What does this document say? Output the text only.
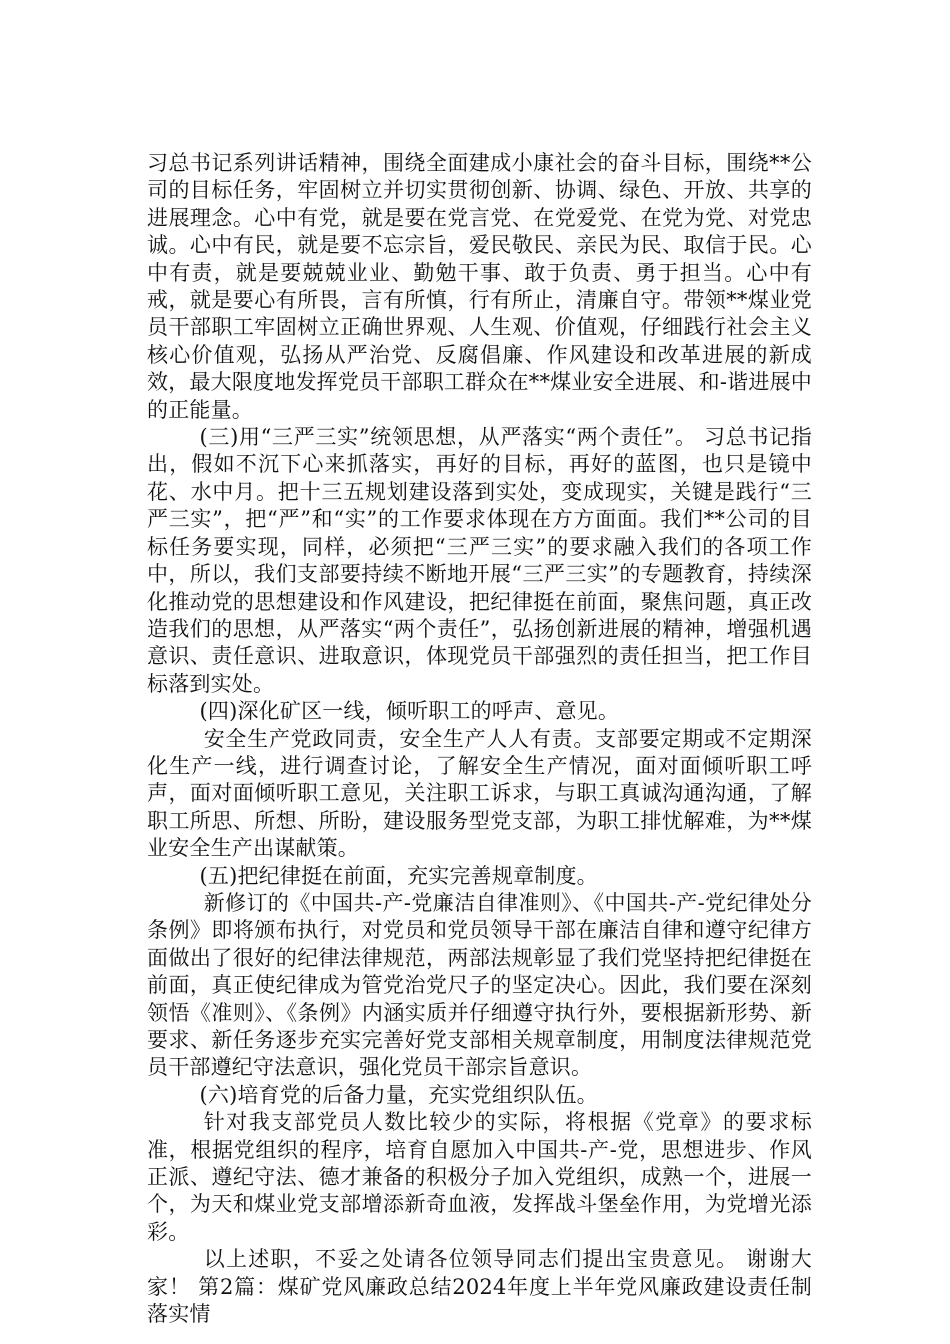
习总书记系列讲话精神，围绕全面建成小康社会的奋斗目标，围绕**公司的目标任务，牢固树立并切实贯彻创新、协调、绿色、开放、共享的进展理念。心中有党，就是要在党言党、在党爱党、在党为党、对党忠诚。心中有民，就是要不忘宗旨，爱民敬民、亲民为民、取信于民。心中有责，就是要兢兢业业、勤勉干事、敢于负责、勇于担当。心中有戒，就是要心有所畏，言有所慎，行有所止，清廉自守。带领**煤业党员干部职工牢固树立正确世界观、人生观、价值观，仔细践行社会主义核心价值观，弘扬从严治党、反腐倡廉、作风建设和改革进展的新成效，最大限度地发挥党员干部职工群众在**煤业安全进展、和-谐进展中的正能量。

(三)用“三严三实”统领思想，从严落实“两个责任”。 习总书记指出，假如不沉下心来抓落实，再好的目标，再好的蓝图，也只是镜中花、水中月。把十三五规划建设落到实处，变成现实，关键是践行“三严三实”，把“严”和“实”的工作要求体现在方方面面。我们**公司的目标任务要实现，同样，必须把“三严三实”的要求融入我们的各项工作中，所以，我们支部要持续不断地开展“三严三实”的专题教育，持续深化推动党的思想建设和作风建设，把纪律挺在前面，聚焦问题，真正改造我们的思想，从严落实“两个责任”，弘扬创新进展的精神，增强机遇意识、责任意识、进取意识，体现党员干部强烈的责任担当，把工作目标落到实处。

(四)深化矿区一线，倾听职工的呼声、意见。

安全生产党政同责，安全生产人人有责。支部要定期或不定期深化生产一线，进行调查讨论，了解安全生产情况，面对面倾听职工呼声，面对面倾听职工意见，关注职工诉求，与职工真诚沟通沟通，了解职工所思、所想、所盼，建设服务型党支部，为职工排忧解难，为**煤业安全生产出谋献策。

(五)把纪律挺在前面，充实完善规章制度。

新修订的《中国共-产-党廉洁自律准则》、《中国共-产-党纪律处分条例》即将颁布执行，对党员和党员领导干部在廉洁自律和遵守纪律方面做出了很好的纪律法律规范，两部法规彰显了我们党坚持把纪律挺在前面，真正使纪律成为管党治党尺子的坚定决心。因此，我们要在深刻领悟《准则》、《条例》内涵实质并仔细遵守执行外，要根据新形势、新要求、新任务逐步充实完善好党支部相关规章制度，用制度法律规范党员干部遵纪守法意识，强化党员干部宗旨意识。

(六)培育党的后备力量，充实党组织队伍。

针对我支部党员人数比较少的实际，将根据《党章》的要求标准，根据党组织的程序，培育自愿加入中国共-产-党，思想进步、作风正派、遵纪守法、德才兼备的积极分子加入党组织，成熟一个，进展一个，为天和煤业党支部增添新奇血液，发挥战斗堡垒作用，为党增光添彩。

以上述职，不妥之处请各位领导同志们提出宝贵意见。 谢谢大家！ 第2篇：煤矿党风廉政总结2024年度上半年党风廉政建设责任制落实情
